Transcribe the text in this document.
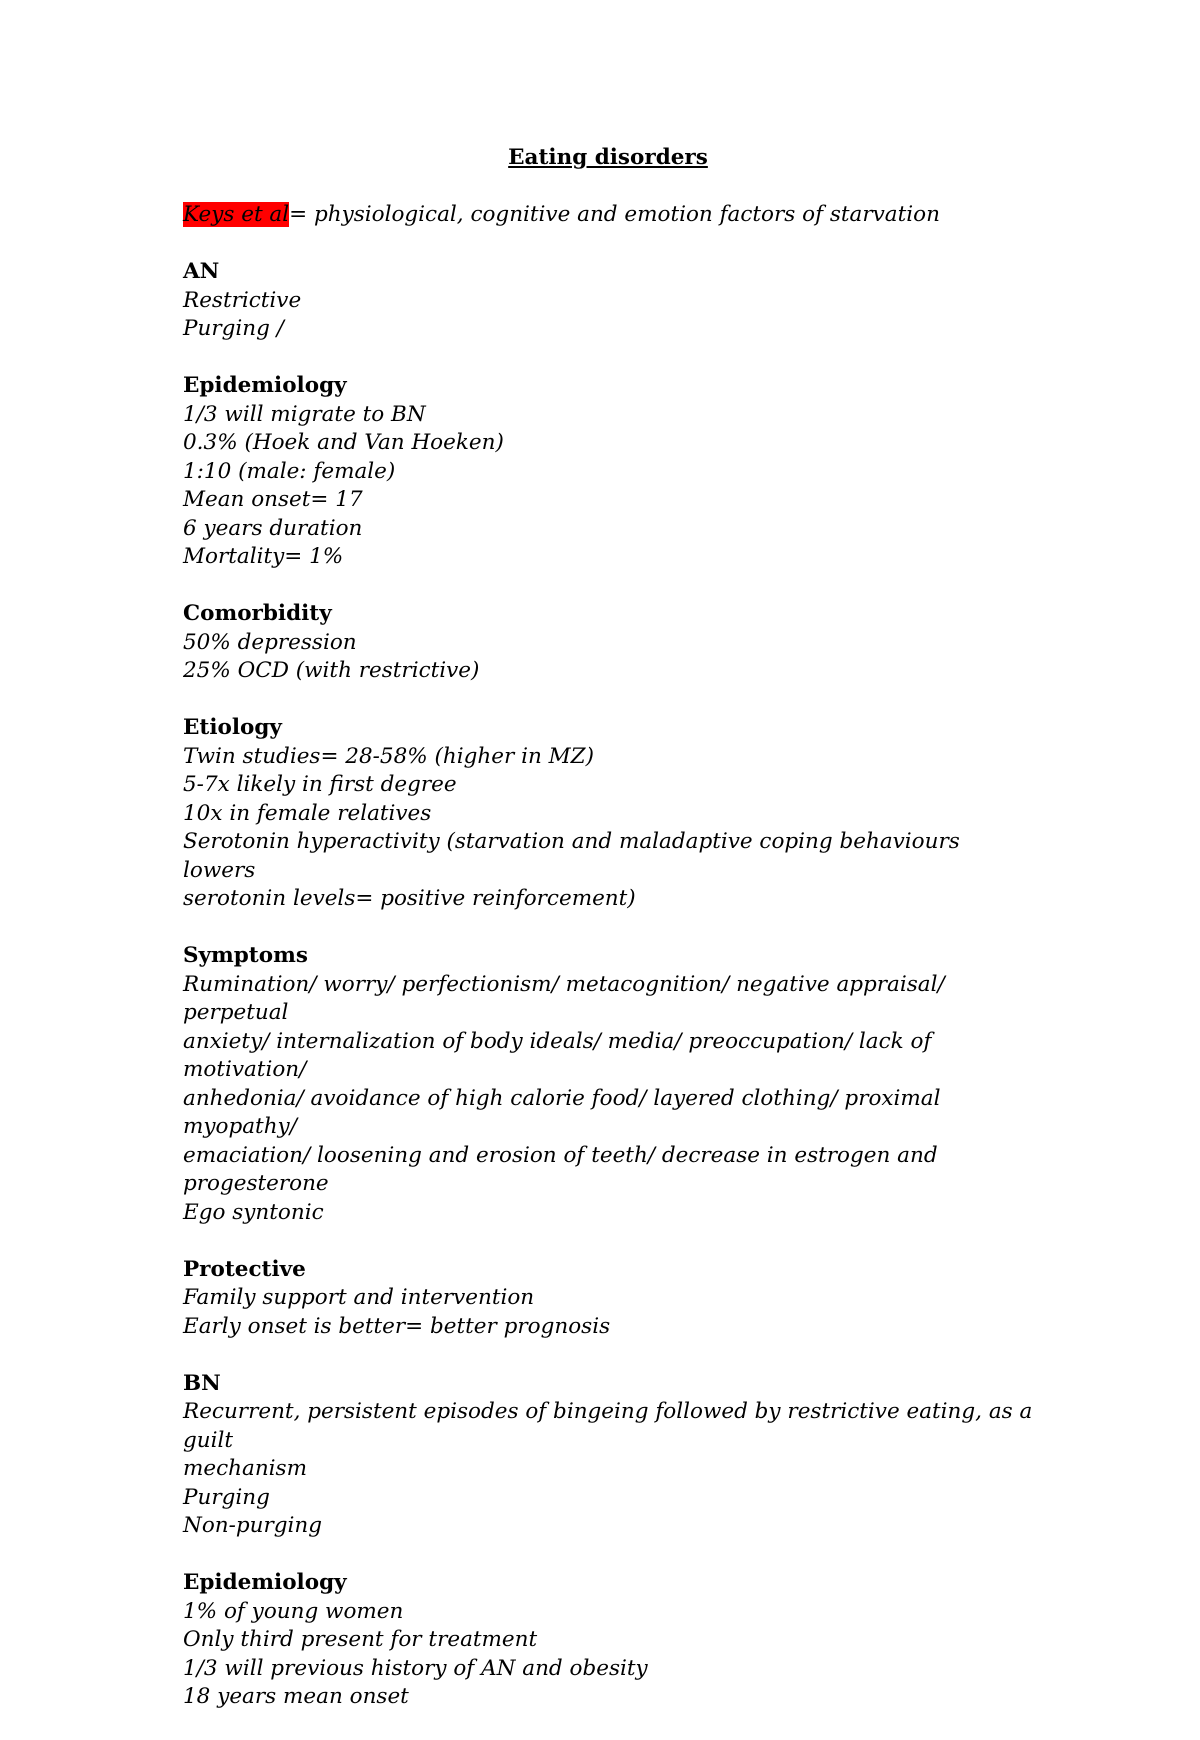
Eating disorders
Keys et al= physiological, cognitive and emotion factors of starvation
AN
Restrictive
Purging /
Epidemiology
1/3 will migrate to BN
0.3% (Hoek and Van Hoeken)
1:10 (male: female)
Mean onset= 17
6 years duration
Mortality= 1%
Comorbidity
50% depression
25% OCD (with restrictive)
Etiology
Twin studies= 28-58% (higher in MZ)
5-7x likely in first degree
10x in female relatives
Serotonin hyperactivity (starvation and maladaptive coping behaviours lowers
serotonin levels= positive reinforcement)
Symptoms
Rumination/ worry/ perfectionism/ metacognition/ negative appraisal/ perpetual
anxiety/ internalization of body ideals/ media/ preoccupation/ lack of motivation/
anhedonia/ avoidance of high calorie food/ layered clothing/ proximal myopathy/
emaciation/ loosening and erosion of teeth/ decrease in estrogen and progesterone
Ego syntonic
Protective
Family support and intervention
Early onset is better= better prognosis
BN
Recurrent, persistent episodes of bingeing followed by restrictive eating, as a guilt
mechanism
Purging
Non-purging
Epidemiology
1% of young women
Only third present for treatment
1/3 will previous history of AN and obesity
18 years mean onset
